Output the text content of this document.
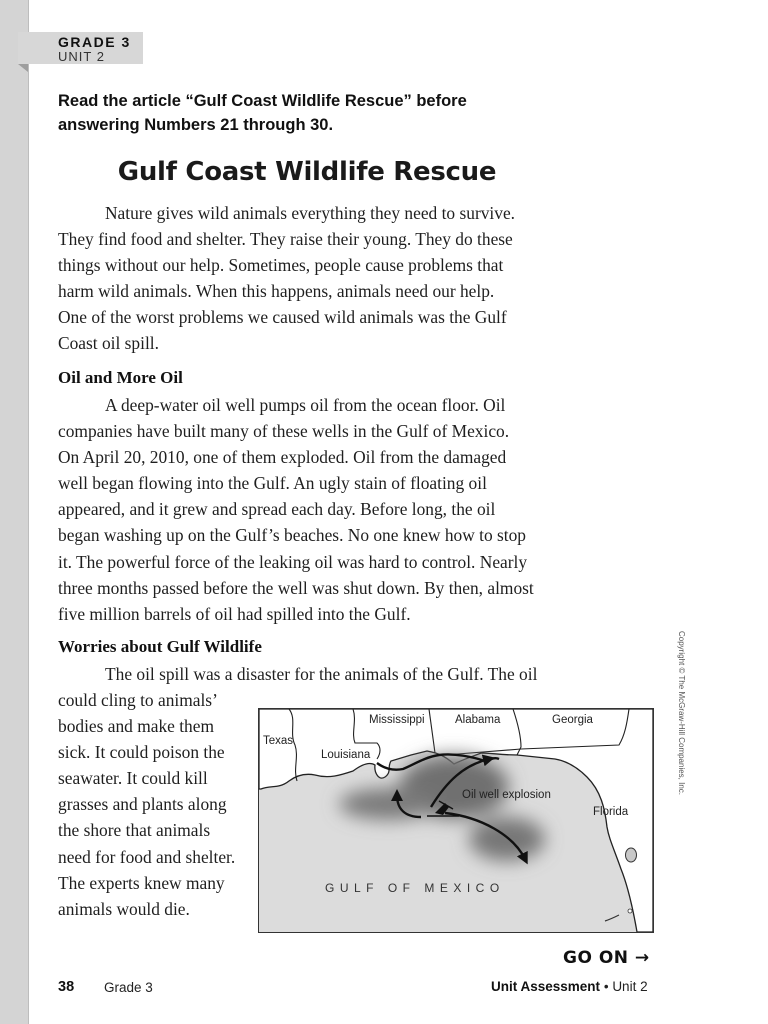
GRADE 3
UNIT 2
Read the article “Gulf Coast Wildlife Rescue” before answering Numbers 21 through 30.
Gulf Coast Wildlife Rescue
Nature gives wild animals everything they need to survive.
They find food and shelter. They raise their young. They do these
things without our help. Sometimes, people cause problems that
harm wild animals. When this happens, animals need our help.
One of the worst problems we caused wild animals was the Gulf
Coast oil spill.
Oil and More Oil
A deep-water oil well pumps oil from the ocean floor. Oil
companies have built many of these wells in the Gulf of Mexico.
On April 20, 2010, one of them exploded. Oil from the damaged
well began flowing into the Gulf. An ugly stain of floating oil
appeared, and it grew and spread each day. Before long, the oil
began washing up on the Gulf’s beaches. No one knew how to stop
it. The powerful force of the leaking oil was hard to control. Nearly
three months passed before the well was shut down. By then, almost
five million barrels of oil had spilled into the Gulf.
Worries about Gulf Wildlife
The oil spill was a disaster for the animals of the Gulf. The oil
could cling to animals’
bodies and make them
sick. It could poison the
seawater. It could kill
grasses and plants along
the shore that animals
need for food and shelter.
The experts knew many
animals would die.
Texas
Louisiana
Mississippi	Alabama	Georgia
Florida
Oil well explosion
GULF OF MEXICO
Copyright © The McGraw-Hill Companies, Inc.
GO ON →
38 Grade 3	Unit Assessment • Unit 2
